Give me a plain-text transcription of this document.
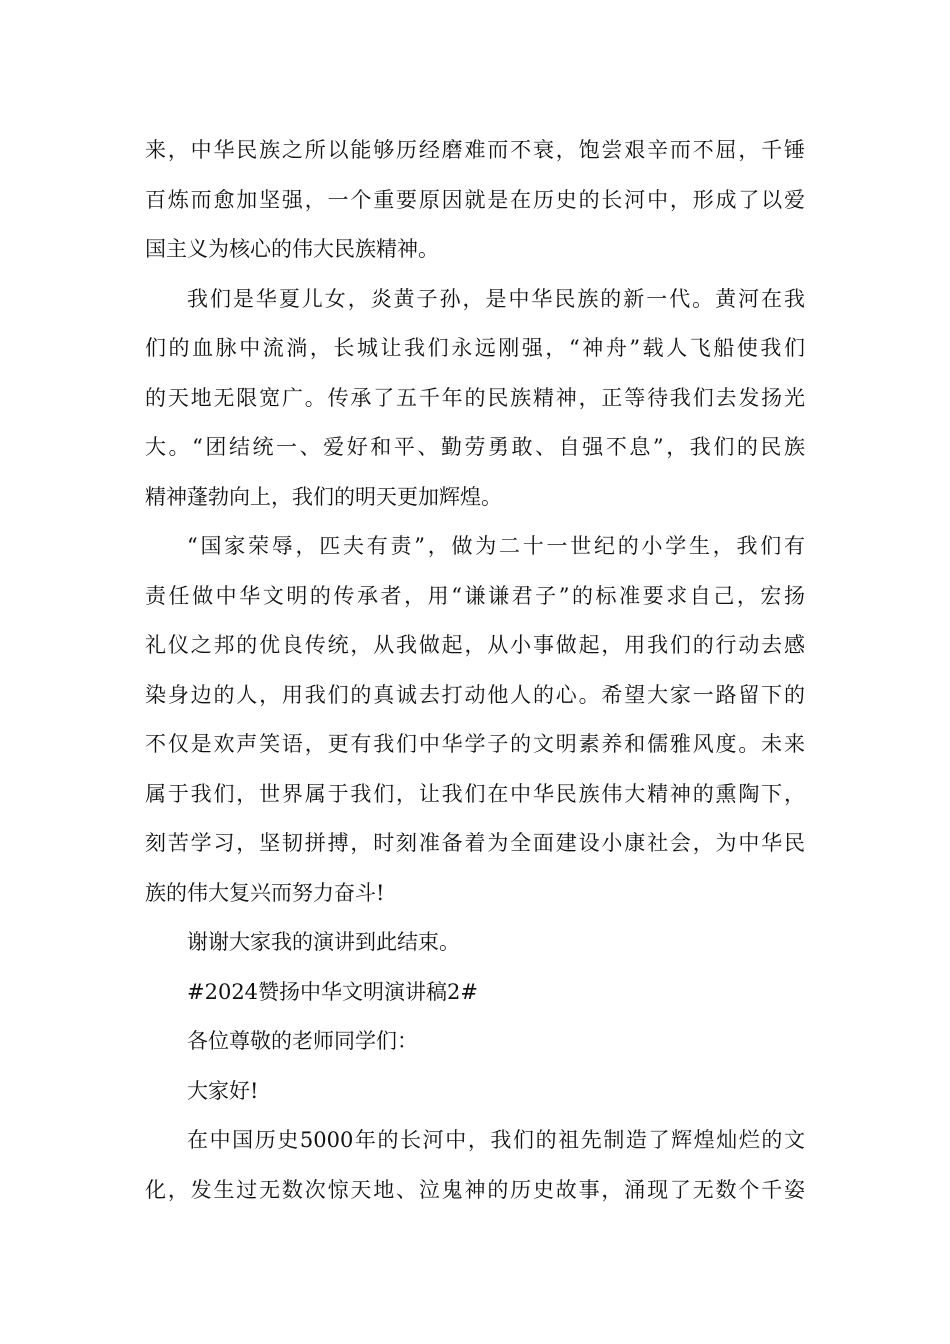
来，中华民族之所以能够历经磨难而不衰，饱尝艰辛而不屈，千锤
百炼而愈加坚强，一个重要原因就是在历史的长河中，形成了以爱
国主义为核心的伟大民族精神。
我们是华夏儿女，炎黄子孙，是中华民族的新一代。黄河在我
们的血脉中流淌，长城让我们永远刚强，“神舟”载人飞船使我们
的天地无限宽广。传承了五千年的民族精神，正等待我们去发扬光
大。“团结统一、爱好和平、勤劳勇敢、自强不息”，我们的民族
精神蓬勃向上，我们的明天更加辉煌。
“国家荣辱，匹夫有责”，做为二十一世纪的小学生，我们有
责任做中华文明的传承者，用“谦谦君子”的标准要求自己，宏扬
礼仪之邦的优良传统，从我做起，从小事做起，用我们的行动去感
染身边的人，用我们的真诚去打动他人的心。希望大家一路留下的
不仅是欢声笑语，更有我们中华学子的文明素养和儒雅风度。未来
属于我们，世界属于我们，让我们在中华民族伟大精神的熏陶下，
刻苦学习，坚韧拼搏，时刻准备着为全面建设小康社会，为中华民
族的伟大复兴而努力奋斗!
谢谢大家我的演讲到此结束。
#2024赞扬中华文明演讲稿2#
各位尊敬的老师同学们：
大家好!
在中国历史5000年的长河中，我们的祖先制造了辉煌灿烂的文
化，发生过无数次惊天地、泣鬼神的历史故事，涌现了无数个千姿
